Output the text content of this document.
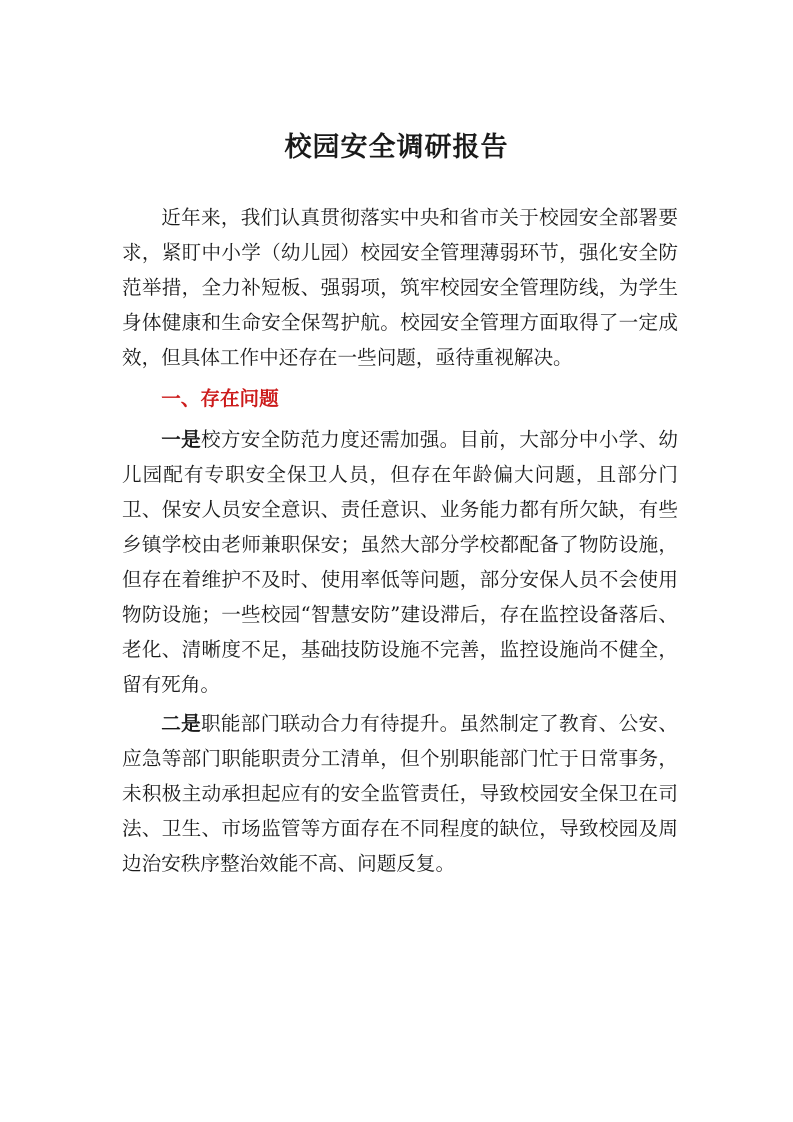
校园安全调研报告

近年来，我们认真贯彻落实中央和省市关于校园安全部署要求，紧盯中小学（幼儿园）校园安全管理薄弱环节，强化安全防范举措，全力补短板、强弱项，筑牢校园安全管理防线，为学生身体健康和生命安全保驾护航。校园安全管理方面取得了一定成效，但具体工作中还存在一些问题，亟待重视解决。

一、存在问题

一是校方安全防范力度还需加强。目前，大部分中小学、幼儿园配有专职安全保卫人员，但存在年龄偏大问题，且部分门卫、保安人员安全意识、责任意识、业务能力都有所欠缺，有些乡镇学校由老师兼职保安；虽然大部分学校都配备了物防设施，但存在着维护不及时、使用率低等问题，部分安保人员不会使用物防设施；一些校园“智慧安防”建设滞后，存在监控设备落后、老化、清晰度不足，基础技防设施不完善，监控设施尚不健全，留有死角。

二是职能部门联动合力有待提升。虽然制定了教育、公安、应急等部门职能职责分工清单，但个别职能部门忙于日常事务，未积极主动承担起应有的安全监管责任，导致校园安全保卫在司法、卫生、市场监管等方面存在不同程度的缺位，导致校园及周边治安秩序整治效能不高、问题反复。
